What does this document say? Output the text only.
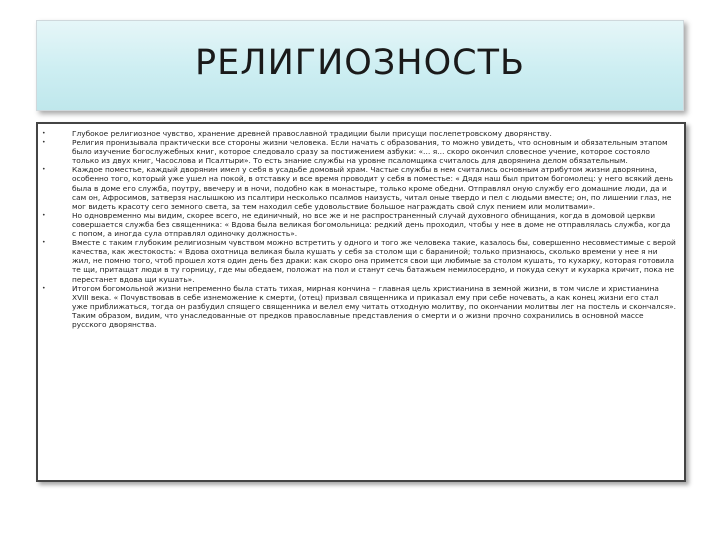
РЕЛИГИОЗНОСТЬ
•	Глубокое религиозное чувство, хранение древней православной традиции были присущи послепетровскому дворянству.
•	Религия пронизывала практически все стороны жизни человека. Если начать с образования, то можно увидеть, что основным и обязательным этапом было изучение богослужебных книг, которое следовало сразу за постижением азбуки: «… я… скоро окончил словесное учение, которое состояло только из двух книг, Часослова и Псалтыри». То есть знание службы на уровне псаломщика считалось для дворянина делом обязательным.
•	Каждое поместье, каждый дворянин имел у себя в усадьбе домовый храм. Частые службы в нем считались основным атрибутом жизни дворянина, особенно того, который уже ушел на покой, в отставку и все время проводит у себя в поместье: « Дядя наш был притом богомолец: у него всякий день была в доме его служба, поутру, ввечеру и в ночи, подобно как в монастыре, только кроме обедни. Отправлял оную службу его домашние люди, да и сам он, Афросимов, затверзя наслышкою из псалтири несколько псалмов наизусть, читал оные твердо и пел с людьми вместе; он, по лишении глаз, не мог видеть красоту сего земного света, за тем находил себе удовольствие большое награждать свой слух пением или молитвами».
•	Но одновременно мы видим, скорее всего, не единичный, но все же и не распространенный случай духовного обнищания, когда в домовой церкви совершается служба без священника: « Вдова была великая богомольница: редкий день проходил, чтобы у нее в доме не отправлялась служба, когда с попом, а иногда сула отправлял одиночку должность».
•	Вместе с таким глубоким религиозным чувством можно встретить у одного и того же человека такие, казалось бы, совершенно несовместимые с верой качества, как жестокость: « Вдова охотница великая была кушать у себя за столом щи с бараниной; только признаюсь, сколько времени у нее я ни жил, не помню того, чтоб прошел хотя один день без драки: как скоро она примется свои щи любимые за столом кушать, то кухарку, которая готовила те щи, притащат люди в ту горницу, где мы обедаем, положат на пол и станут сечь батажьем немилосердно, и покуда секут и кухарка кричит, пока не перестанет вдова щи кушать».
•	Итогом богомольной жизни непременно была стать тихая, мирная кончина – главная цель христианина в земной жизни, в том числе и христианина XVIII века. « Почувствовав в себе изнеможение к смерти, (отец) призвал священника и приказал ему при себе ночевать, а как конец жизни его стал уже приближаться, тогда он разбудил спящего священника и велел ему читать отходную молитву, по окончании молитвы лег на постель и скончался». Таким образом, видим, что унаследованные от предков православные представления о смерти и о жизни прочно сохранились в основной массе русского дворянства.
